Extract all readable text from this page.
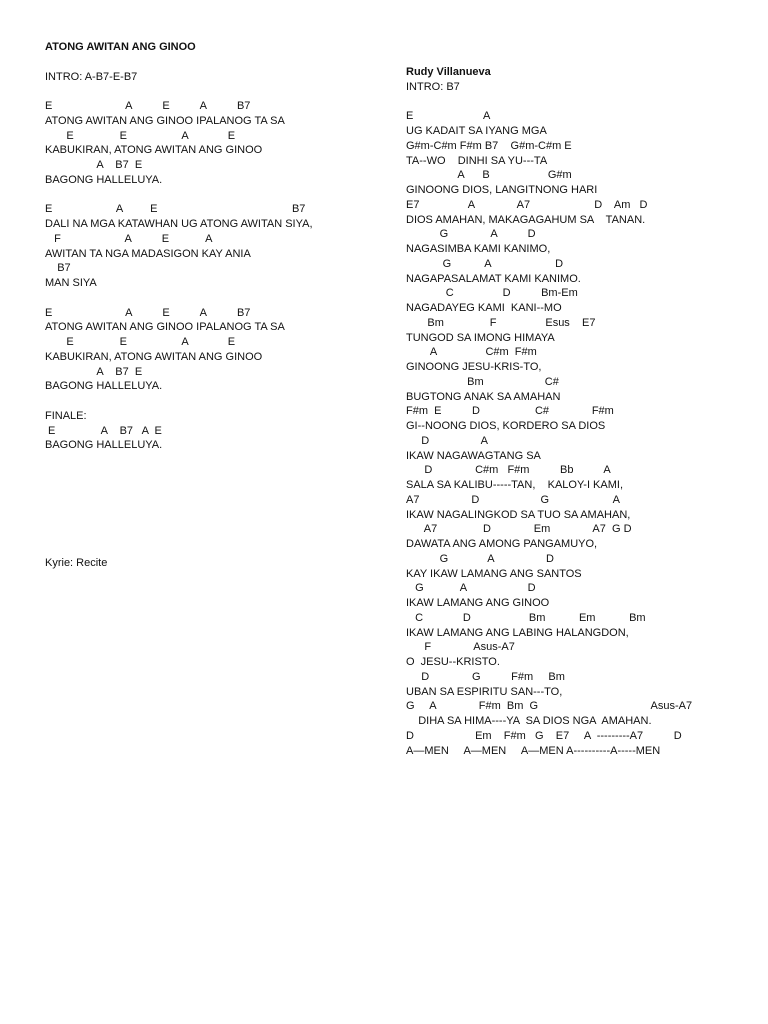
ATONG AWITAN ANG GINOO
INTRO: A-B7-E-B7
E                        A          E          A          B7
ATONG AWITAN ANG GINOO IPALANOG TA SA
E               E                  A             E
KABUKIRAN, ATONG AWITAN ANG GINOO
A    B7  E
BAGONG HALLELUYA.
E                     A         E                                            B7
DALI NA MGA KATAWHAN UG ATONG AWITAN SIYA,
F                     A          E            A
AWITAN TA NGA MADASIGON KAY ANIA
B7
MAN SIYA
E                        A          E          A          B7
ATONG AWITAN ANG GINOO IPALANOG TA SA
E               E                  A             E
KABUKIRAN, ATONG AWITAN ANG GINOO
A    B7  E
BAGONG HALLELUYA.
FINALE:
E               A    B7   A  E
BAGONG HALLELUYA.
Kyrie: Recite
Rudy Villanueva
INTRO: B7
E                       A
UG KADAIT SA IYANG MGA
G#m-C#m F#m B7    G#m-C#m E
TA--WO    DINHI SA YU---TA
A      B                   G#m
GINOONG DIOS, LANGITNONG HARI
E7                A              A7                     D    Am   D
DIOS AMAHAN, MAKAGAGAHUM SA    TANAN.
G              A          D
NAGASIMBA KAMI KANIMO,
G           A                     D
NAGAPASALAMAT KAMI KANIMO.
C                D          Bm-Em
NAGADAYEG KAMI  KANI--MO
Bm               F                Esus    E7
TUNGOD SA IMONG HIMAYA
A                C#m  F#m
GINOONG JESU-KRIS-TO,
Bm                    C#
BUGTONG ANAK SA AMAHAN
F#m  E          D                  C#              F#m
GI--NOONG DIOS, KORDERO SA DIOS
D                 A
IKAW NAGAWAGTANG SA
D              C#m   F#m          Bb          A
SALA SA KALIBU-----TAN,    KALOY-I KAMI,
A7                 D                    G                     A
IKAW NAGALINGKOD SA TUO SA AMAHAN,
A7               D              Em              A7  G D
DAWATA ANG AMONG PANGAMUYO,
G             A                 D
KAY IKAW LAMANG ANG SANTOS
G            A                    D
IKAW LAMANG ANG GINOO
C             D                   Bm           Em           Bm
IKAW LAMANG ANG LABING HALANGDON,
F              Asus-A7
O  JESU--KRISTO.
D              G          F#m     Bm
UBAN SA ESPIRITU SAN---TO,
G     A              F#m  Bm  G                                     Asus-A7
DIHA SA HIMA----YA  SA DIOS NGA  AMAHAN.
D                    Em    F#m   G    E7     A  ---------A7          D
A—MEN     A—MEN     A—MEN A----------A-----MEN
